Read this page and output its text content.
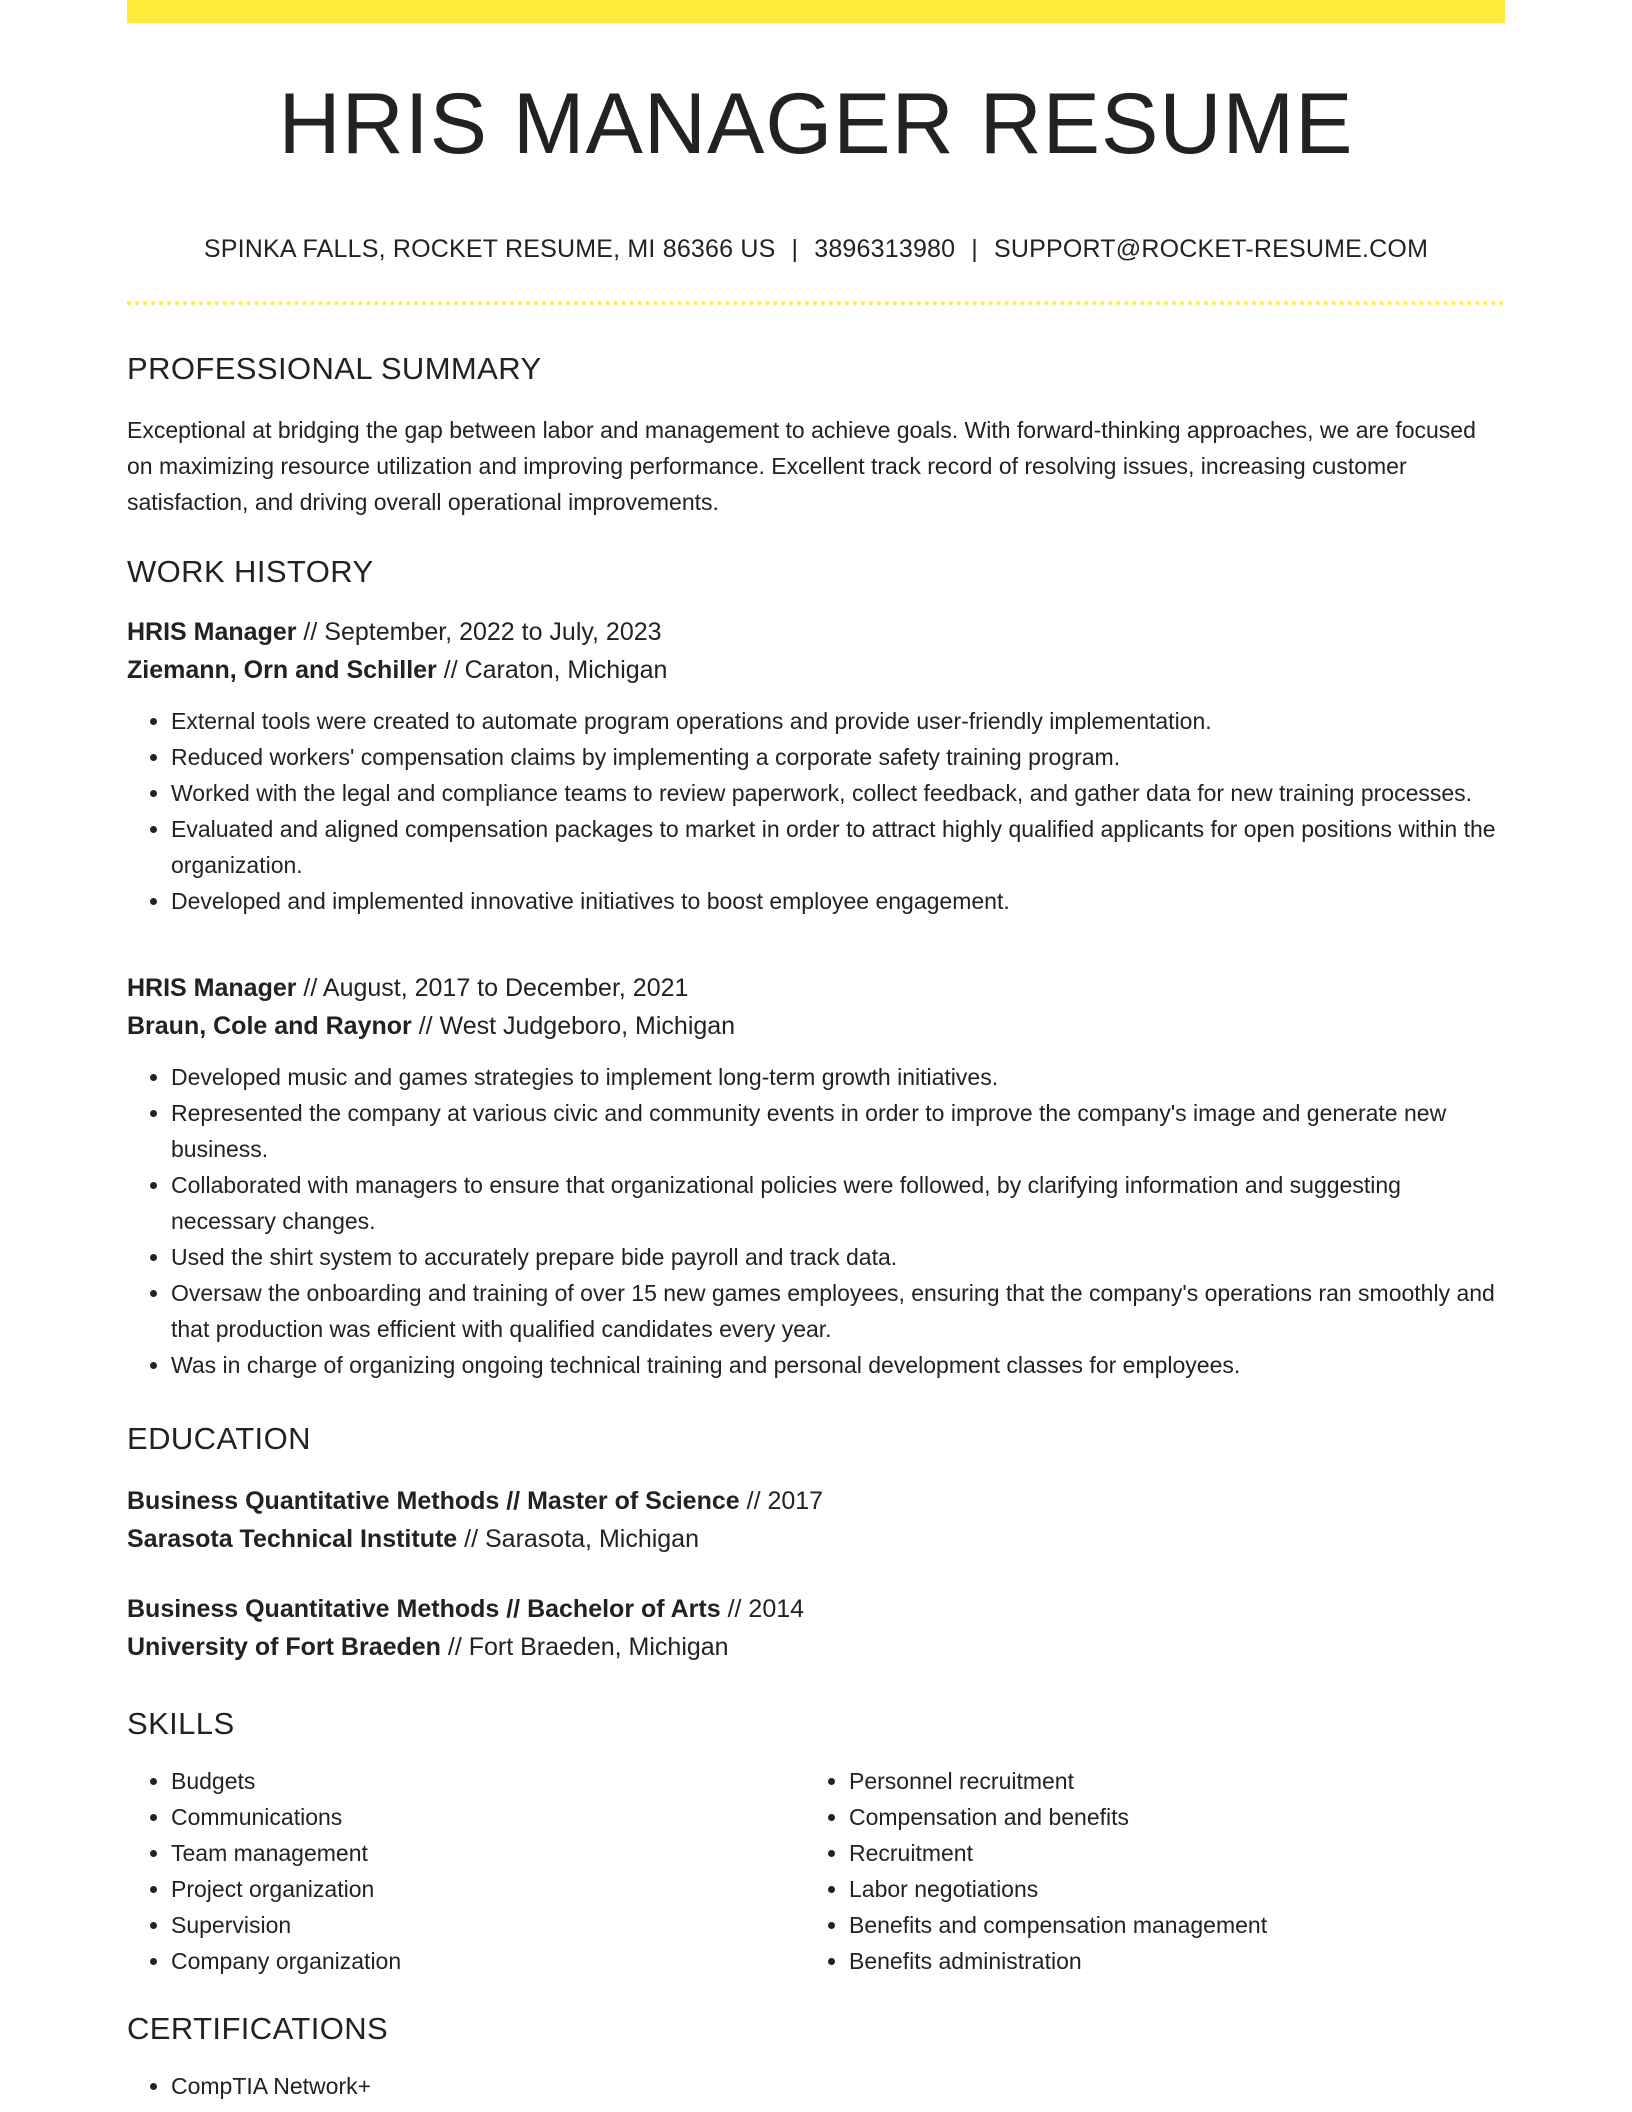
HRIS MANAGER RESUME
SPINKA FALLS, ROCKET RESUME, MI 86366 US | 3896313980 | SUPPORT@ROCKET-RESUME.COM
PROFESSIONAL SUMMARY

Exceptional at bridging the gap between labor and management to achieve goals. With forward-thinking approaches, we are focused on maximizing resource utilization and improving performance. Excellent track record of resolving issues, increasing customer satisfaction, and driving overall operational improvements.

WORK HISTORY
HRIS Manager // September, 2022 to July, 2023
Ziemann, Orn and Schiller // Caraton, Michigan
• External tools were created to automate program operations and provide user-friendly implementation.
• Reduced workers' compensation claims by implementing a corporate safety training program.
• Worked with the legal and compliance teams to review paperwork, collect feedback, and gather data for new training processes.
• Evaluated and aligned compensation packages to market in order to attract highly qualified applicants for open positions within the organization.
• Developed and implemented innovative initiatives to boost employee engagement.
HRIS Manager // August, 2017 to December, 2021
Braun, Cole and Raynor // West Judgeboro, Michigan
• Developed music and games strategies to implement long-term growth initiatives.
• Represented the company at various civic and community events in order to improve the company's image and generate new business.
• Collaborated with managers to ensure that organizational policies were followed, by clarifying information and suggesting necessary changes.
• Used the shirt system to accurately prepare bide payroll and track data.
• Oversaw the onboarding and training of over 15 new games employees, ensuring that the company's operations ran smoothly and that production was efficient with qualified candidates every year.
• Was in charge of organizing ongoing technical training and personal development classes for employees.
EDUCATION
Business Quantitative Methods // Master of Science // 2017
Sarasota Technical Institute // Sarasota, Michigan
Business Quantitative Methods // Bachelor of Arts // 2014
University of Fort Braeden // Fort Braeden, Michigan
SKILLS
• Budgets
• Communications
• Team management
• Project organization
• Supervision
• Company organization
• Personnel recruitment
• Compensation and benefits
• Recruitment
• Labor negotiations
• Benefits and compensation management
• Benefits administration
CERTIFICATIONS
• CompTIA Network+
